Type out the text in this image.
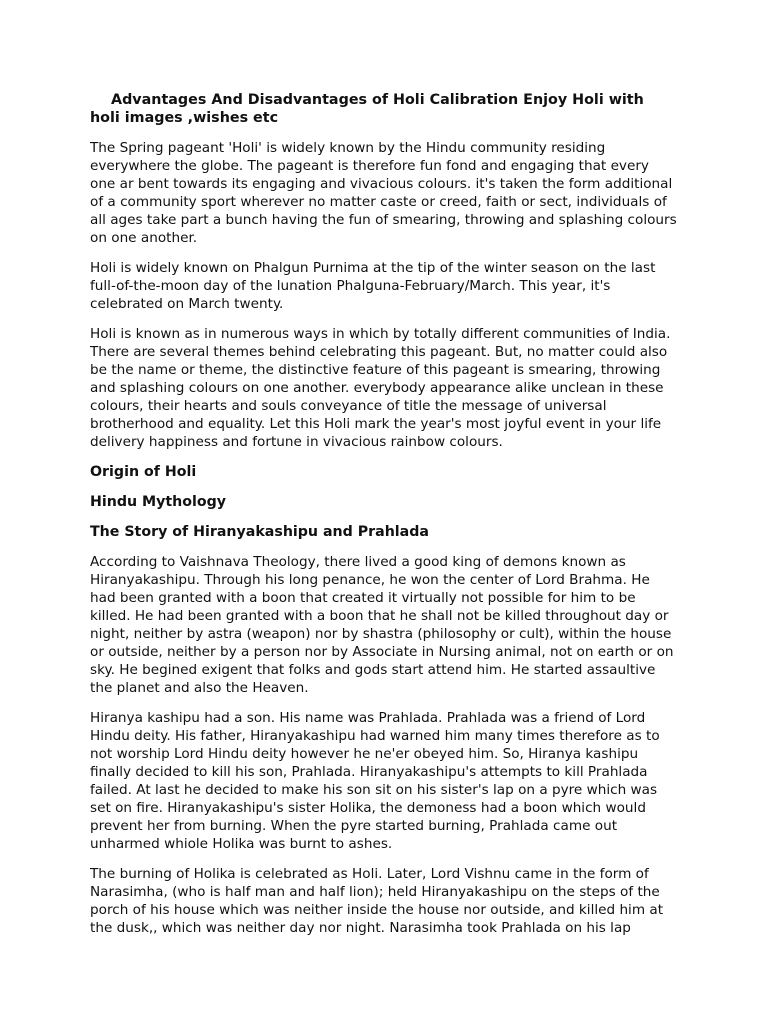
Advantages And Disadvantages of Holi Calibration Enjoy Holi with holi images ,wishes etc

The Spring pageant 'Holi' is widely known by the Hindu community residing everywhere the globe. The pageant is therefore fun fond and engaging that every one ar bent towards its engaging and vivacious colours. it's taken the form additional of a community sport wherever no matter caste or creed, faith or sect, individuals of all ages take part a bunch having the fun of smearing, throwing and splashing colours on one another.

Holi is widely known on Phalgun Purnima at the tip of the winter season on the last full-of-the-moon day of the lunation Phalguna-February/March. This year, it's celebrated on March twenty.

Holi is known as in numerous ways in which by totally different communities of India. There are several themes behind celebrating this pageant. But, no matter could also be the name or theme, the distinctive feature of this pageant is smearing, throwing and splashing colours on one another. everybody appearance alike unclean in these colours, their hearts and souls conveyance of title the message of universal brotherhood and equality. Let this Holi mark the year's most joyful event in your life delivery happiness and fortune in vivacious rainbow colours.

Origin of Holi

Hindu Mythology

The Story of Hiranyakashipu and Prahlada

According to Vaishnava Theology, there lived a good king of demons known as Hiranyakashipu. Through his long penance, he won the center of Lord Brahma. He had been granted with a boon that created it virtually not possible for him to be killed. He had been granted with a boon that he shall not be killed throughout day or night, neither by astra (weapon) nor by shastra (philosophy or cult), within the house or outside, neither by a person nor by Associate in Nursing animal, not on earth or on sky. He begined exigent that folks and gods start attend him. He started assaultive the planet and also the Heaven.

Hiranya kashipu had a son. His name was Prahlada. Prahlada was a friend of Lord Hindu deity. His father, Hiranyakashipu had warned him many times therefore as to not worship Lord Hindu deity however he ne'er obeyed him. So, Hiranya kashipu finally decided to kill his son, Prahlada. Hiranyakashipu's attempts to kill Prahlada failed. At last he decided to make his son sit on his sister's lap on a pyre which was set on fire. Hiranyakashipu's sister Holika, the demoness had a boon which would prevent her from burning. When the pyre started burning, Prahlada came out unharmed whiole Holika was burnt to ashes.

The burning of Holika is celebrated as Holi. Later, Lord Vishnu came in the form of Narasimha, (who is half man and half lion); held Hiranyakashipu on the steps of the porch of his house which was neither inside the house nor outside, and killed him at the dusk,, which was neither day nor night. Narasimha took Prahlada on his lap
